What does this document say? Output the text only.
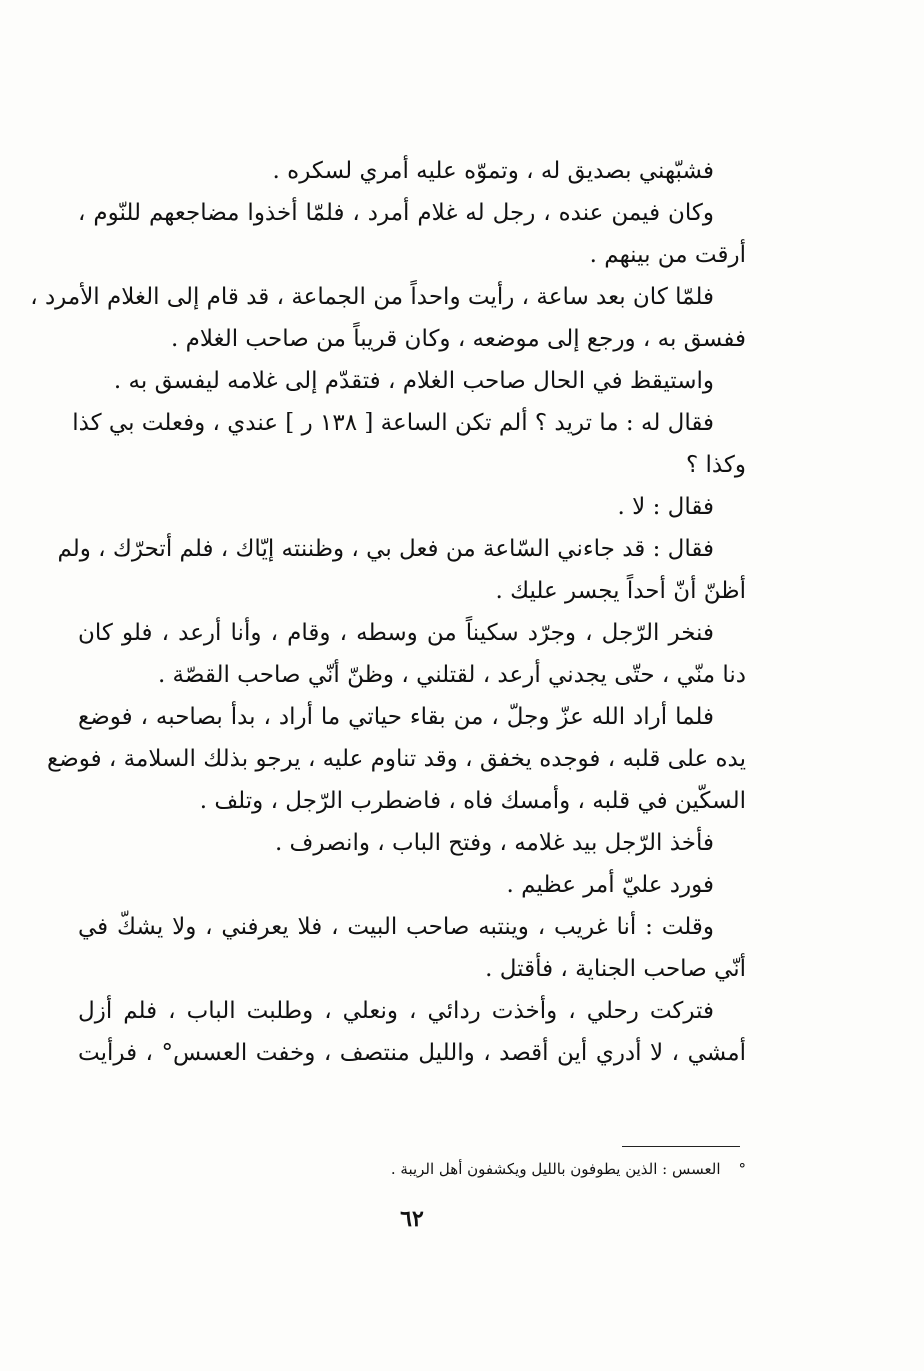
فشبّهني بصديق له ، وتموّه عليه أمري لسكره .
وكان فيمن عنده ، رجل له غلام أمرد ، فلمّا أخذوا مضاجعهم للنّوم ،
أرقت من بينهم .
فلمّا كان بعد ساعة ، رأيت واحداً من الجماعة ، قد قام إلى الغلام الأمرد ،
ففسق به ، ورجع إلى موضعه ، وكان قريباً من صاحب الغلام .
واستيقظ في الحال صاحب الغلام ، فتقدّم إلى غلامه ليفسق به .
فقال له : ما تريد ؟ ألم تكن الساعة [ ١٣٨ ر ] عندي ، وفعلت بي كذا
وكذا ؟
فقال : لا .
فقال : قد جاءني السّاعة من فعل بي ، وظننته إيّاك ، فلم أتحرّك ، ولم
أظنّ أنّ أحداً يجسر عليك .
فنخر الرّجل ، وجرّد سكيناً من وسطه ، وقام ، وأنا أرعد ، فلو كان
دنا منّي ، حتّى يجدني أرعد ، لقتلني ، وظنّ أنّي صاحب القصّة .
فلما أراد الله عزّ وجلّ ، من بقاء حياتي ما أراد ، بدأ بصاحبه ، فوضع
يده على قلبه ، فوجده يخفق ، وقد تناوم عليه ، يرجو بذلك السلامة ، فوضع
السكّين في قلبه ، وأمسك فاه ، فاضطرب الرّجل ، وتلف .
فأخذ الرّجل بيد غلامه ، وفتح الباب ، وانصرف .
فورد عليّ أمر عظيم .
وقلت : أنا غريب ، وينتبه صاحب البيت ، فلا يعرفني ، ولا يشكّ في
أنّي صاحب الجناية ، فأقتل .
فتركت رحلي ، وأخذت ردائي ، ونعلي ، وطلبت الباب ، فلم أزل
أمشي ، لا أدري أين أقصد ، والليل منتصف ، وخفت العسس° ، فرأيت
°العسس : الذين يطوفون بالليل ويكشفون أهل الريبة .
٦٢
